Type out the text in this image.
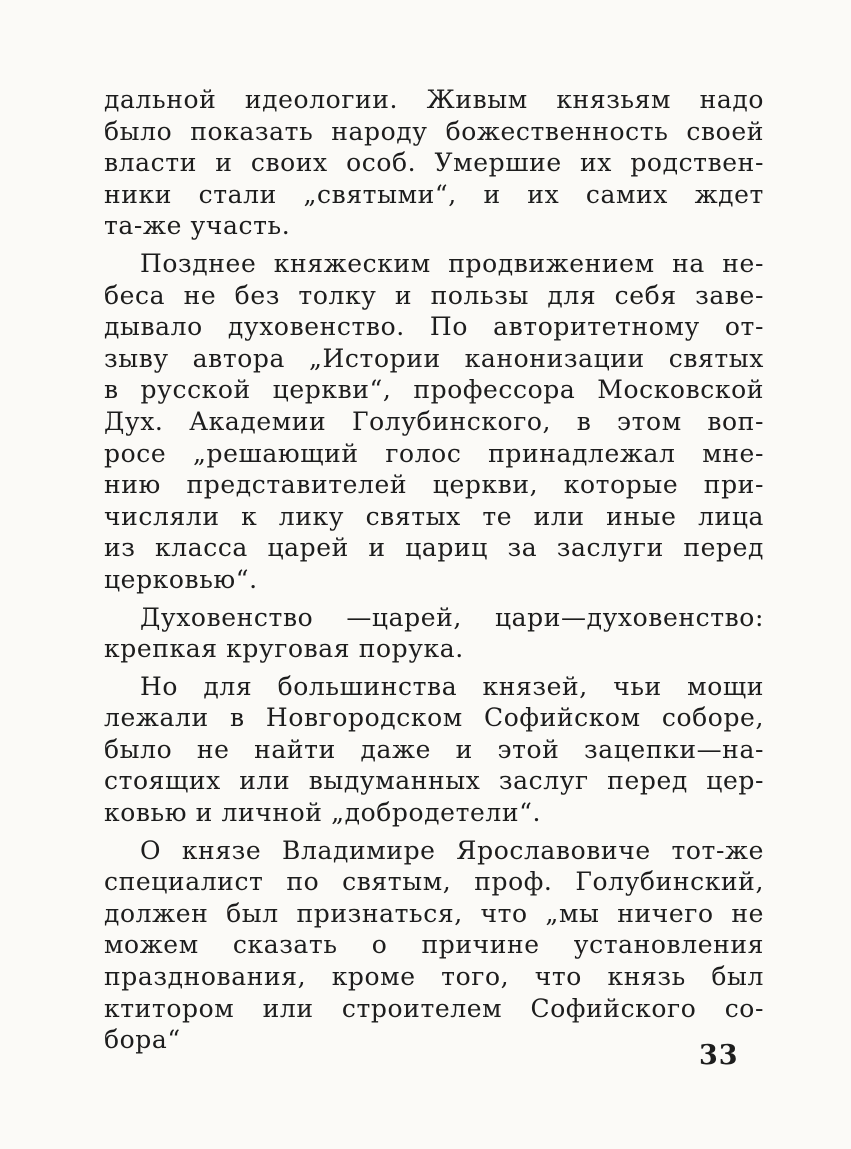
дальной идеологии. Живым князьям надо
было показать народу божественность своей
власти и своих особ. Умершие их родствен-
ники стали „святыми“, и их самих ждет
та-же участь.
Позднее княжеским продвижением на не-
беса не без толку и пользы для себя заве-
дывало духовенство. По авторитетному от-
зыву автора „Истории канонизации святых
в русской церкви“, профессора Московской
Дух. Академии Голубинского, в этом воп-
росе „решающий голос принадлежал мне-
нию представителей церкви, которые при-
числяли к лику святых те или иные лица
из класса царей и цариц за заслуги перед
церковью“.
Духовенство —царей, цари—духовенство:
крепкая круговая порука.
Но для большинства князей, чьи мощи
лежали в Новгородском Софийском соборе,
было не найти даже и этой зацепки—на-
стоящих или выдуманных заслуг перед цер-
ковью и личной „добродетели“.
О князе Владимире Ярославовиче тот-же
специалист по святым, проф. Голубинский,
должен был признаться, что „мы ничего не
можем сказать о причине установления
празднования, кроме того, что князь был
ктитором или строителем Софийского со-
бора“
33
